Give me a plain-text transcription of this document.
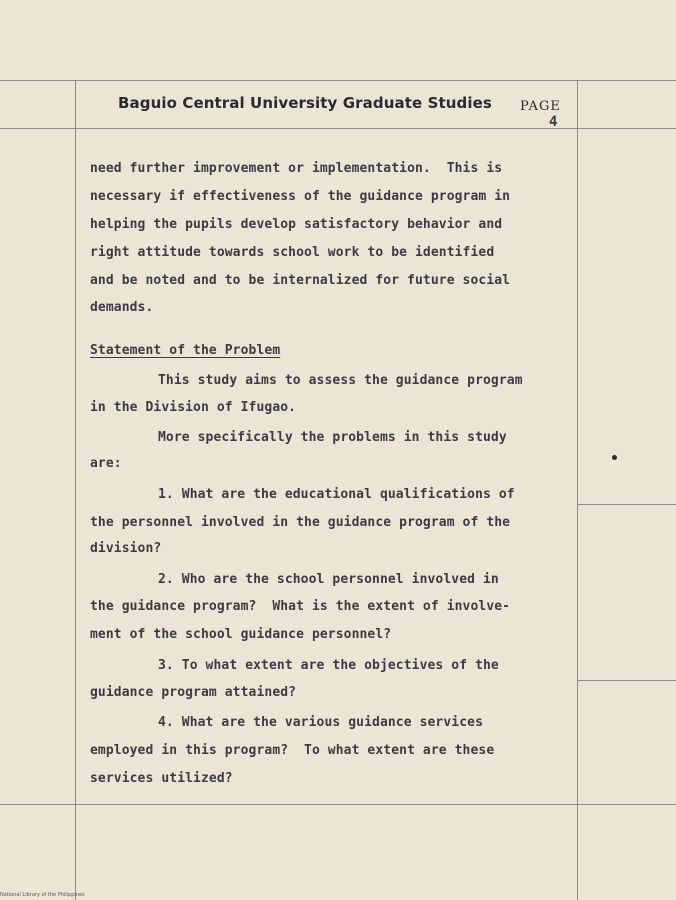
Baguio Central University Graduate Studies PAGE
4
need further improvement or implementation.  This is
necessary if effectiveness of the guidance program in
helping the pupils develop satisfactory behavior and
right attitude towards school work to be identified
and be noted and to be internalized for future social
demands.
Statement of the Problem
This study aims to assess the guidance program
in the Division of Ifugao.
More specifically the problems in this study
are:
1. What are the educational qualifications of
the personnel involved in the guidance program of the
division?
2. Who are the school personnel involved in
the guidance program?  What is the extent of involve-
ment of the school guidance personnel?
3. To what extent are the objectives of the
guidance program attained?
4. What are the various guidance services
employed in this program?  To what extent are these
services utilized?
National Library of the Philippines
